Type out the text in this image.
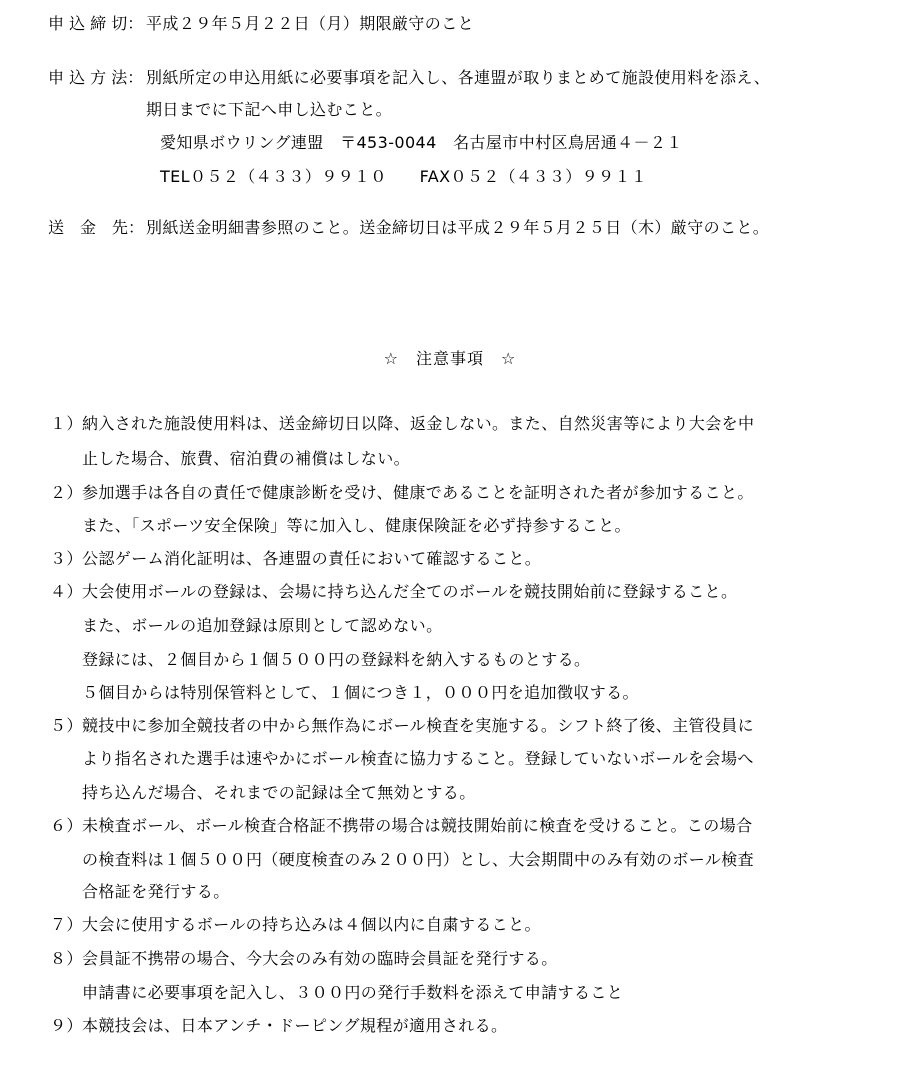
申 込 締 切： 平成２９年５月２２日（月）期限厳守のこと
申 込 方 法： 別紙所定の申込用紙に必要事項を記入し、各連盟が取りまとめて施設使用料を添え、
期日までに下記へ申し込むこと。
愛知県ボウリング連盟　〒453-0044　名古屋市中村区鳥居通４－２１
TEL０５２（４３３）９９１０　　FAX０５２（４３３）９９１１
送　金　先： 別紙送金明細書参照のこと。送金締切日は平成２９年５月２５日（木）厳守のこと。
☆　注意事項　☆
１） 納入された施設使用料は、送金締切日以降、返金しない。また、自然災害等により大会を中
止した場合、旅費、宿泊費の補償はしない。
２） 参加選手は各自の責任で健康診断を受け、健康であることを証明された者が参加すること。
また、「スポーツ安全保険」等に加入し、健康保険証を必ず持参すること。
３） 公認ゲーム消化証明は、各連盟の責任において確認すること。
４） 大会使用ボールの登録は、会場に持ち込んだ全てのボールを競技開始前に登録すること。
また、ボールの追加登録は原則として認めない。
登録には、２個目から１個５００円の登録料を納入するものとする。
５個目からは特別保管料として、１個につき１，０００円を追加徴収する。
５） 競技中に参加全競技者の中から無作為にボール検査を実施する。シフト終了後、主管役員に
より指名された選手は速やかにボール検査に協力すること。登録していないボールを会場へ
持ち込んだ場合、それまでの記録は全て無効とする。
６） 未検査ボール、ボール検査合格証不携帯の場合は競技開始前に検査を受けること。この場合
の検査料は１個５００円（硬度検査のみ２００円）とし、大会期間中のみ有効のボール検査
合格証を発行する。
７） 大会に使用するボールの持ち込みは４個以内に自粛すること。
８） 会員証不携帯の場合、今大会のみ有効の臨時会員証を発行する。
申請書に必要事項を記入し、３００円の発行手数料を添えて申請すること
９） 本競技会は、日本アンチ・ドーピング規程が適用される。
